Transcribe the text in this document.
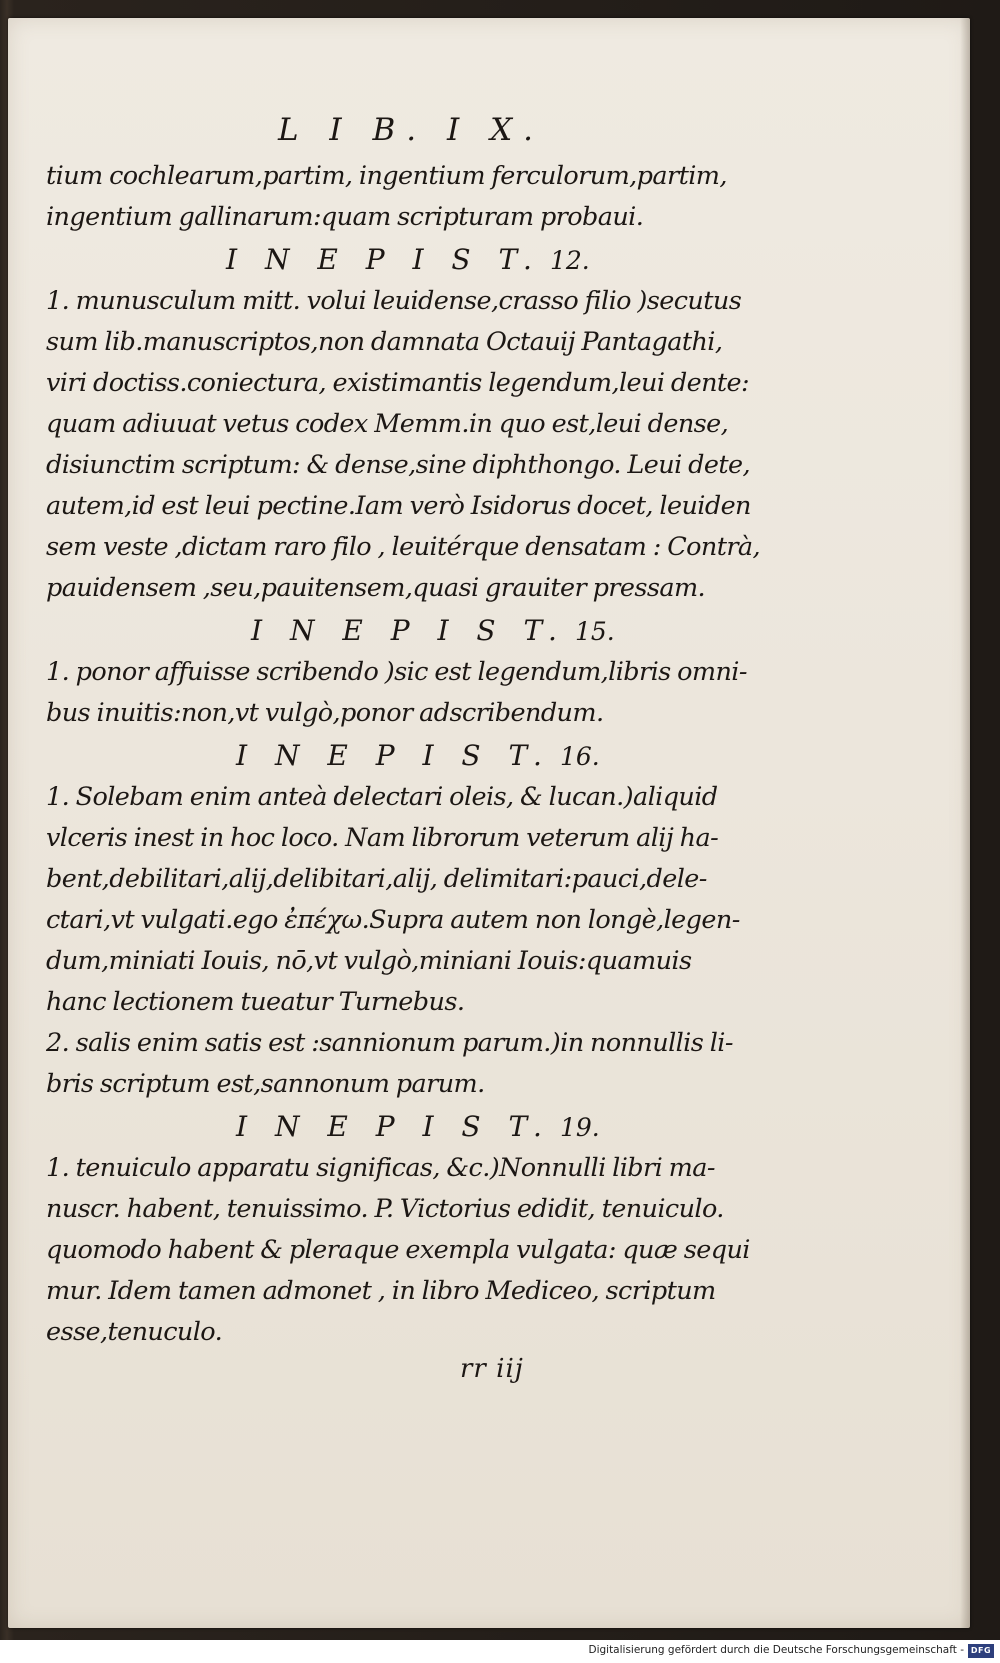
L I B. I X.
tium cochlearum,partim, ingentium ferculorum,partim,
ingentium gallinarum:quam scripturam probaui.
I N E P I S T. 12.
1. munusculum mitt. volui leuidense,crasso filio )secutus
sum lib.manuscriptos,non damnata Octauij Pantagathi,
viri doctiss.coniectura, existimantis legendum,leui dente:
quam adiuuat vetus codex Memm.in quo est,leui dense,
disiunctim scriptum: & dense,sine diphthongo. Leui dete,
autem,id est leui pectine.Iam verò Isidorus docet, leuiden
sem veste ,dictam raro filo , leuitérque densatam : Contrà,
pauidensem ,seu,pauitensem,quasi grauiter pressam.
I N E P I S T. 15.
1. ponor affuisse scribendo )sic est legendum,libris omni-
bus inuitis:non,vt vulgò,ponor adscribendum.
I N E P I S T. 16.
1. Solebam enim anteà delectari oleis, & lucan.)aliquid
vlceris inest in hoc loco. Nam librorum veterum alij ha-
bent,debilitari,alij,delibitari,alij, delimitari:pauci,dele-
ctari,vt vulgati.ego ἐπέχω.Supra autem non longè,legen-
dum,miniati Iouis, nō,vt vulgò,miniani Iouis:quamuis
hanc lectionem tueatur Turnebus.
2. salis enim satis est :sannionum parum.)in nonnullis li-
bris scriptum est,sannonum parum.
I N E P I S T. 19.
1. tenuiculo apparatu significas, &c.)Nonnulli libri ma-
nuscr. habent, tenuissimo. P. Victorius edidit, tenuiculo.
quomodo habent & pleraque exempla vulgata: quæ sequi
mur. Idem tamen admonet , in libro Mediceo, scriptum
esse,tenuculo.
rr iij
Digitalisierung gefördert durch die Deutsche Forschungsgemeinschaft - DFG
